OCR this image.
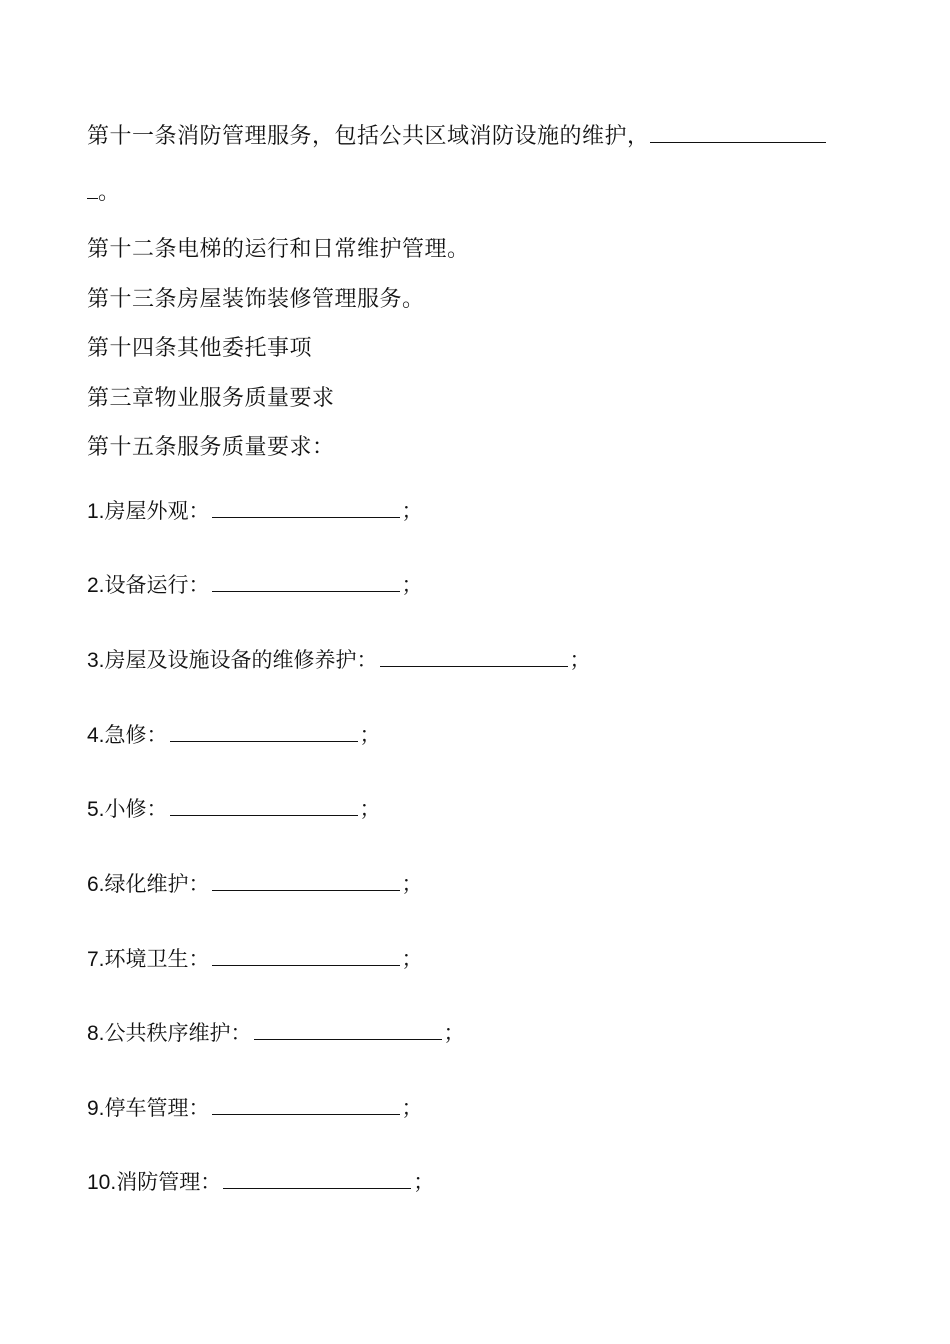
第十一条消防管理服务，包括公共区域消防设施的维护，
。
第十二条电梯的运行和日常维护管理。
第十三条房屋装饰装修管理服务。
第十四条其他委托事项
第三章物业服务质量要求
第十五条服务质量要求：
1.房屋外观：	；
2.设备运行：	；
3.房屋及设施设备的维修养护：	；
4.急修：	；
5.小修：	；
6.绿化维护：	；
7.环境卫生：	；
8.公共秩序维护：	；
9.停车管理：	；
10.消防管理：	；
